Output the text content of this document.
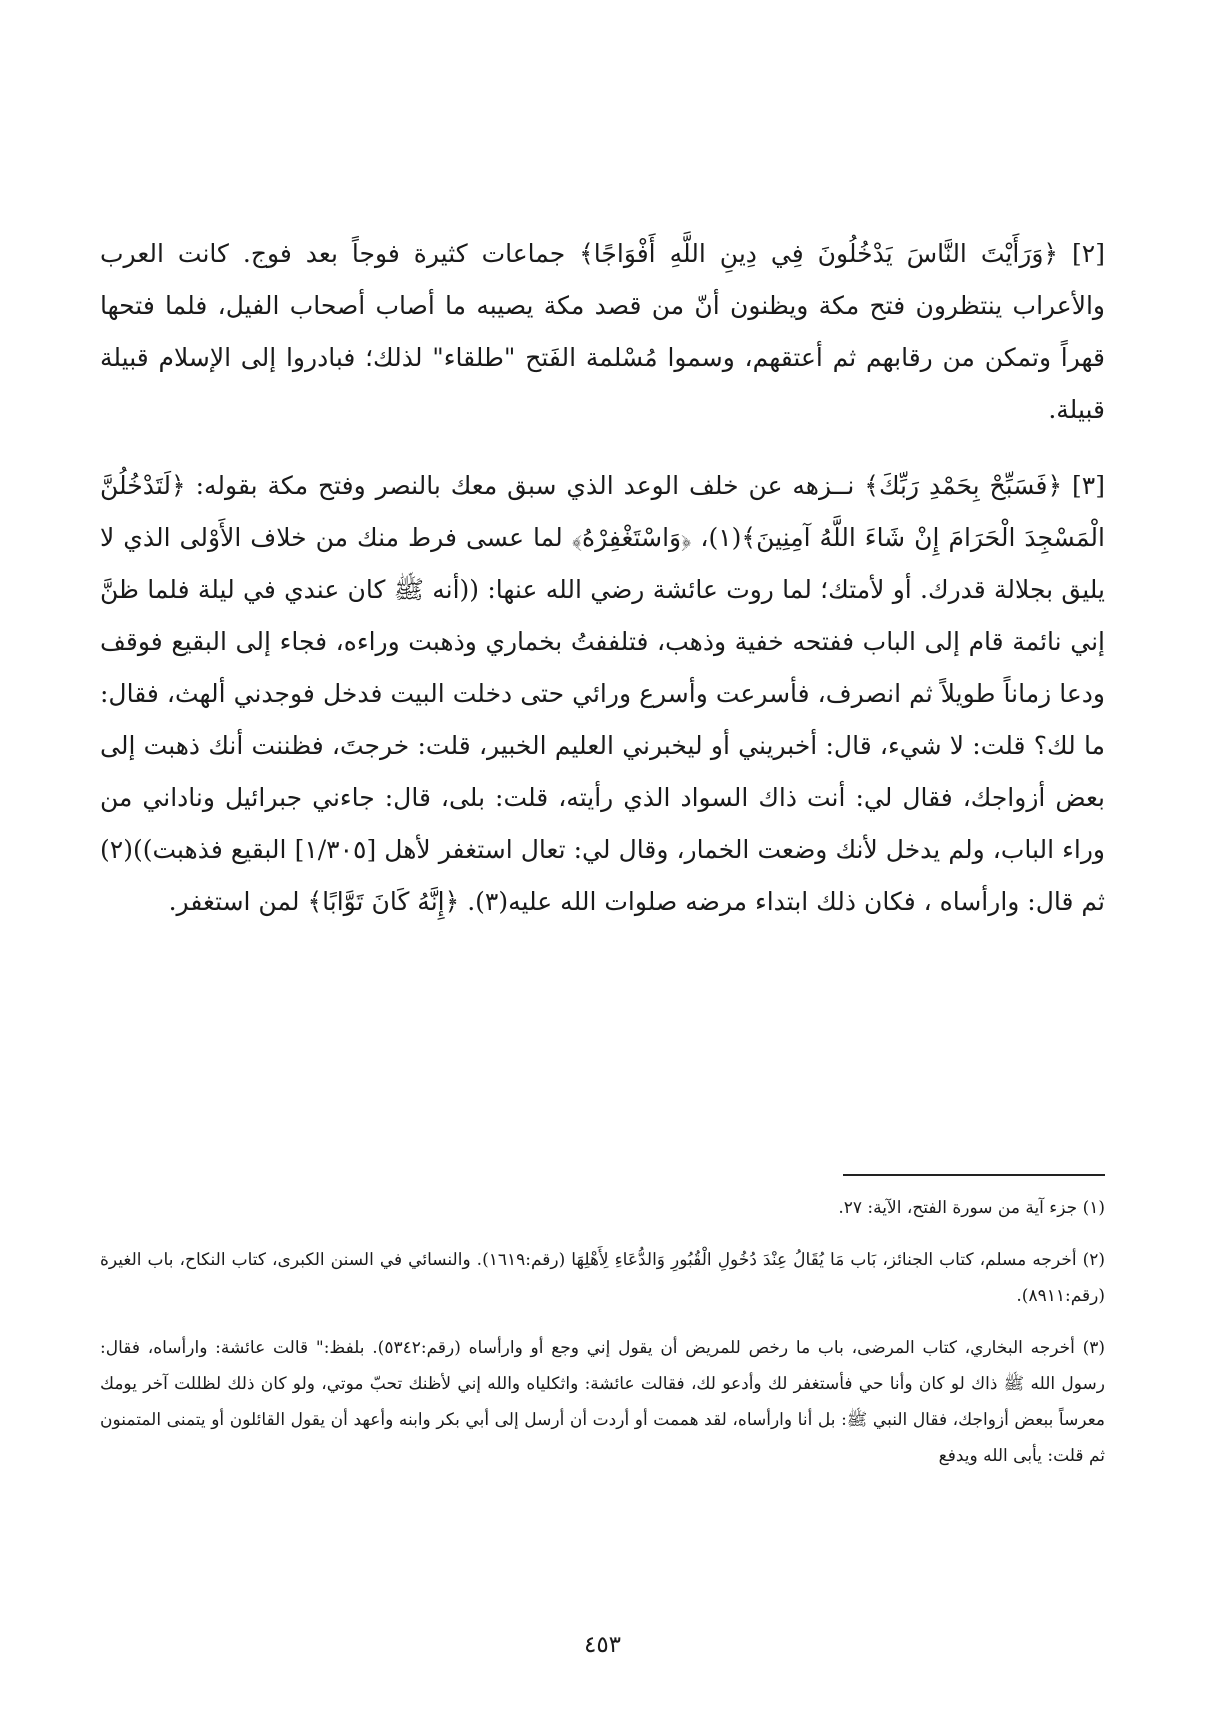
[٢] ﴿وَرَأَيْتَ النَّاسَ يَدْخُلُونَ فِي دِينِ اللَّهِ أَفْوَاجًا﴾ جماعات كثيرة فوجاً بعد فوج. كانت العرب والأعراب ينتظرون فتح مكة ويظنون أنّ من قصد مكة يصيبه ما أصاب أصحاب الفيل، فلما فتحها قهراً وتمكن من رقابهم ثم أعتقهم، وسموا مُسْلمة الفَتح "طلقاء" لذلك؛ فبادروا إلى الإسلام قبيلة قبيلة.

[٣] ﴿فَسَبِّحْ بِحَمْدِ رَبِّكَ﴾ نــزهه عن خلف الوعد الذي سبق معك بالنصر وفتح مكة بقوله: ﴿لَتَدْخُلُنَّ الْمَسْجِدَ الْحَرَامَ إِنْ شَاءَ اللَّهُ آمِنِينَ﴾(١)، ﴿وَاسْتَغْفِرْهُ﴾ لما عسى فرط منك من خلاف الأَوْلى الذي لا يليق بجلالة قدرك. أو لأمتك؛ لما روت عائشة رضي الله عنها: ((أنه ﷺ كان عندي في ليلة فلما ظنَّ إني نائمة قام إلى الباب ففتحه خفية وذهب، فتلففتُ بخماري وذهبت وراءه، فجاء إلى البقيع فوقف ودعا زماناً طويلاً ثم انصرف، فأسرعت وأسرع ورائي حتى دخلت البيت فدخل فوجدني ألهث، فقال: ما لك؟ قلت: لا شيء، قال: أخبريني أو ليخبرني العليم الخبير، قلت: خرجتَ، فظننت أنك ذهبت إلى بعض أزواجك، فقال لي: أنت ذاك السواد الذي رأيته، قلت: بلى، قال: جاءني جبرائيل وناداني من وراء الباب، ولم يدخل لأنك وضعت الخمار، وقال لي: تعال استغفر لأهل [١/٣٠٥] البقيع فذهبت))(٢) ثم قال: وارأساه ، فكان ذلك ابتداء مرضه صلوات الله عليه(٣). ﴿إِنَّهُ كَانَ تَوَّابًا﴾ لمن استغفر.

(١) جزء آية من سورة الفتح، الآية: ٢٧.

(٢) أخرجه مسلم، كتاب الجنائز، بَاب مَا يُقَالُ عِنْدَ دُخُولِ الْقُبُورِ وَالدُّعَاءِ لِأَهْلِهَا (رقم:١٦١٩). والنسائي في السنن الكبرى، كتاب النكاح، باب الغيرة (رقم:٨٩١١).

(٣) أخرجه البخاري، كتاب المرضى، باب ما رخص للمريض أن يقول إني وجع أو وارأساه (رقم:٥٣٤٢). بلفظ:" قالت عائشة: وارأساه، فقال: رسول الله ﷺ ذاك لو كان وأنا حي فأستغفر لك وأدعو لك، فقالت عائشة: واثكلياه والله إني لأظنك تحبّ موتي، ولو كان ذلك لظللت آخر يومك معرساً ببعض أزواجك، فقال النبي ﷺ: بل أنا وارأساه، لقد هممت أو أردت أن أرسل إلى أبي بكر وابنه وأعهد أن يقول القائلون أو يتمنى المتمنون ثم قلت: يأبى الله ويدفع

٤٥٣
